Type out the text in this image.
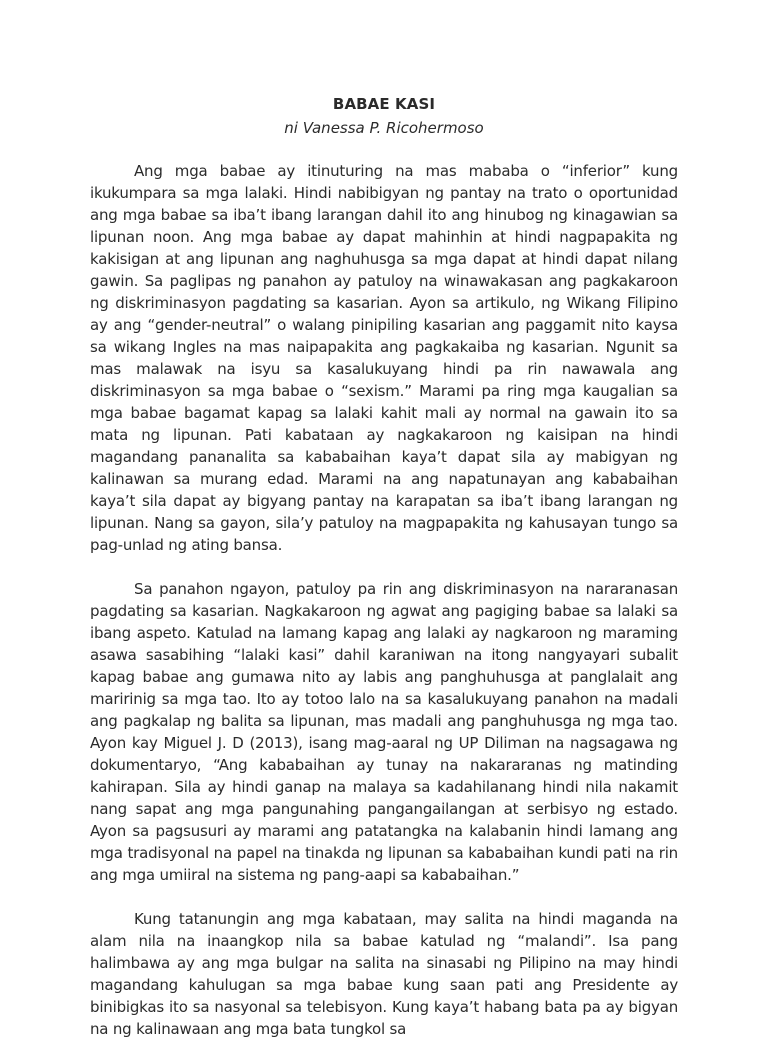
BABAE KASI

ni Vanessa P. Ricohermoso

Ang mga babae ay itinuturing na mas mababa o “inferior” kung ikukumpara sa mga lalaki. Hindi nabibigyan ng pantay na trato o oportunidad ang mga babae sa iba’t ibang larangan dahil ito ang hinubog ng kinagawian sa lipunan noon. Ang mga babae ay dapat mahinhin at hindi nagpapakita ng kakisigan at ang lipunan ang naghuhusga sa mga dapat at hindi dapat nilang gawin. Sa paglipas ng panahon ay patuloy na winawakasan ang pagkakaroon ng diskriminasyon pagdating sa kasarian. Ayon sa artikulo, ng Wikang Filipino ay ang “gender-neutral” o walang pinipiling kasarian ang paggamit nito kaysa sa wikang Ingles na mas naipapakita ang pagkakaiba ng kasarian. Ngunit sa mas malawak na isyu sa kasalukuyang hindi pa rin nawawala ang diskriminasyon sa mga babae o “sexism.” Marami pa ring mga kaugalian sa mga babae bagamat kapag sa lalaki kahit mali ay normal na gawain ito sa mata ng lipunan. Pati kabataan ay nagkakaroon ng kaisipan na hindi magandang pananalita sa kababaihan kaya’t dapat sila ay mabigyan ng kalinawan sa murang edad. Marami na ang napatunayan ang kababaihan kaya’t sila dapat ay bigyang pantay na karapatan sa iba’t ibang larangan ng lipunan. Nang sa gayon, sila’y patuloy na magpapakita ng kahusayan tungo sa pag-unlad ng ating bansa.

Sa panahon ngayon, patuloy pa rin ang diskriminasyon na nararanasan pagdating sa kasarian. Nagkakaroon ng agwat ang pagiging babae sa lalaki sa ibang aspeto. Katulad na lamang kapag ang lalaki ay nagkaroon ng maraming asawa sasabihing “lalaki kasi” dahil karaniwan na itong nangyayari subalit kapag babae ang gumawa nito ay labis ang panghuhusga at panglalait ang maririnig sa mga tao. Ito ay totoo lalo na sa kasalukuyang panahon na madali ang pagkalap ng balita sa lipunan, mas madali ang panghuhusga ng mga tao. Ayon kay Miguel J. D (2013), isang mag-aaral ng UP Diliman na nagsagawa ng dokumentaryo, “Ang kababaihan ay tunay na nakararanas ng matinding kahirapan. Sila ay hindi ganap na malaya sa kadahilanang hindi nila nakamit nang sapat ang mga pangunahing pangangailangan at serbisyo ng estado. Ayon sa pagsusuri ay marami ang patatangka na kalabanin hindi lamang ang mga tradisyonal na papel na tinakda ng lipunan sa kababaihan kundi pati na rin ang mga umiiral na sistema ng pang-aapi sa kababaihan.”

Kung tatanungin ang mga kabataan, may salita na hindi maganda na alam nila na inaangkop nila sa babae katulad ng “malandi”. Isa pang halimbawa ay ang mga bulgar na salita na sinasabi ng Pilipino na may hindi magandang kahulugan sa mga babae kung saan pati ang Presidente ay binibigkas ito sa nasyonal sa telebisyon. Kung kaya’t habang bata pa ay bigyan na ng kalinawaan ang mga bata tungkol sa
